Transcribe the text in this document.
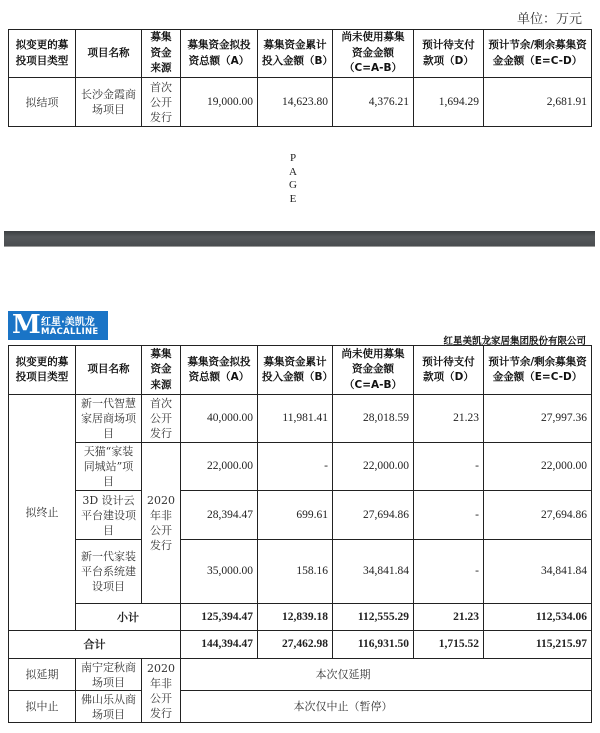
单位：万元
拟变更的募投项目类型	项目名称	募集资金来源	募集资金拟投资总额（A）	募集资金累计投入金额（B）	尚未使用募集资金金额（C=A-B）	预计待支付款项（D）	预计节余/剩余募集资金金额（E=C-D）
拟结项	长沙金霞商场项目	首次公开发行	19,000.00	14,623.80	4,376.21	1,694.29	2,681.91
P
A
G
E
M 红星·美凯龙
MACALLINE
红星美凯龙家居集团股份有限公司
拟变更的募投项目类型	项目名称	募集资金来源	募集资金拟投资总额（A）	募集资金累计投入金额（B）	尚未使用募集资金金额（C=A-B）	预计待支付款项（D）	预计节余/剩余募集资金金额（E=C-D）
拟终止	新一代智慧家居商场项目	首次公开发行	40,000.00	11,981.41	28,018.59	21.23	27,997.36
	天猫“家装同城站”项目	2020年非公开发行	22,000.00	-	22,000.00	-	22,000.00
	3D 设计云平台建设项目		28,394.47	699.61	27,694.86	-	27,694.86
	新一代家装平台系统建设项目		35,000.00	158.16	34,841.84	-	34,841.84
	小计		125,394.47	12,839.18	112,555.29	21.23	112,534.06
合计			144,394.47	27,462.98	116,931.50	1,715.52	115,215.97
拟延期	南宁定秋商场项目	2020年非公开发行	本次仅延期				
拟中止	佛山乐从商场项目		本次仅中止（暂停）				
